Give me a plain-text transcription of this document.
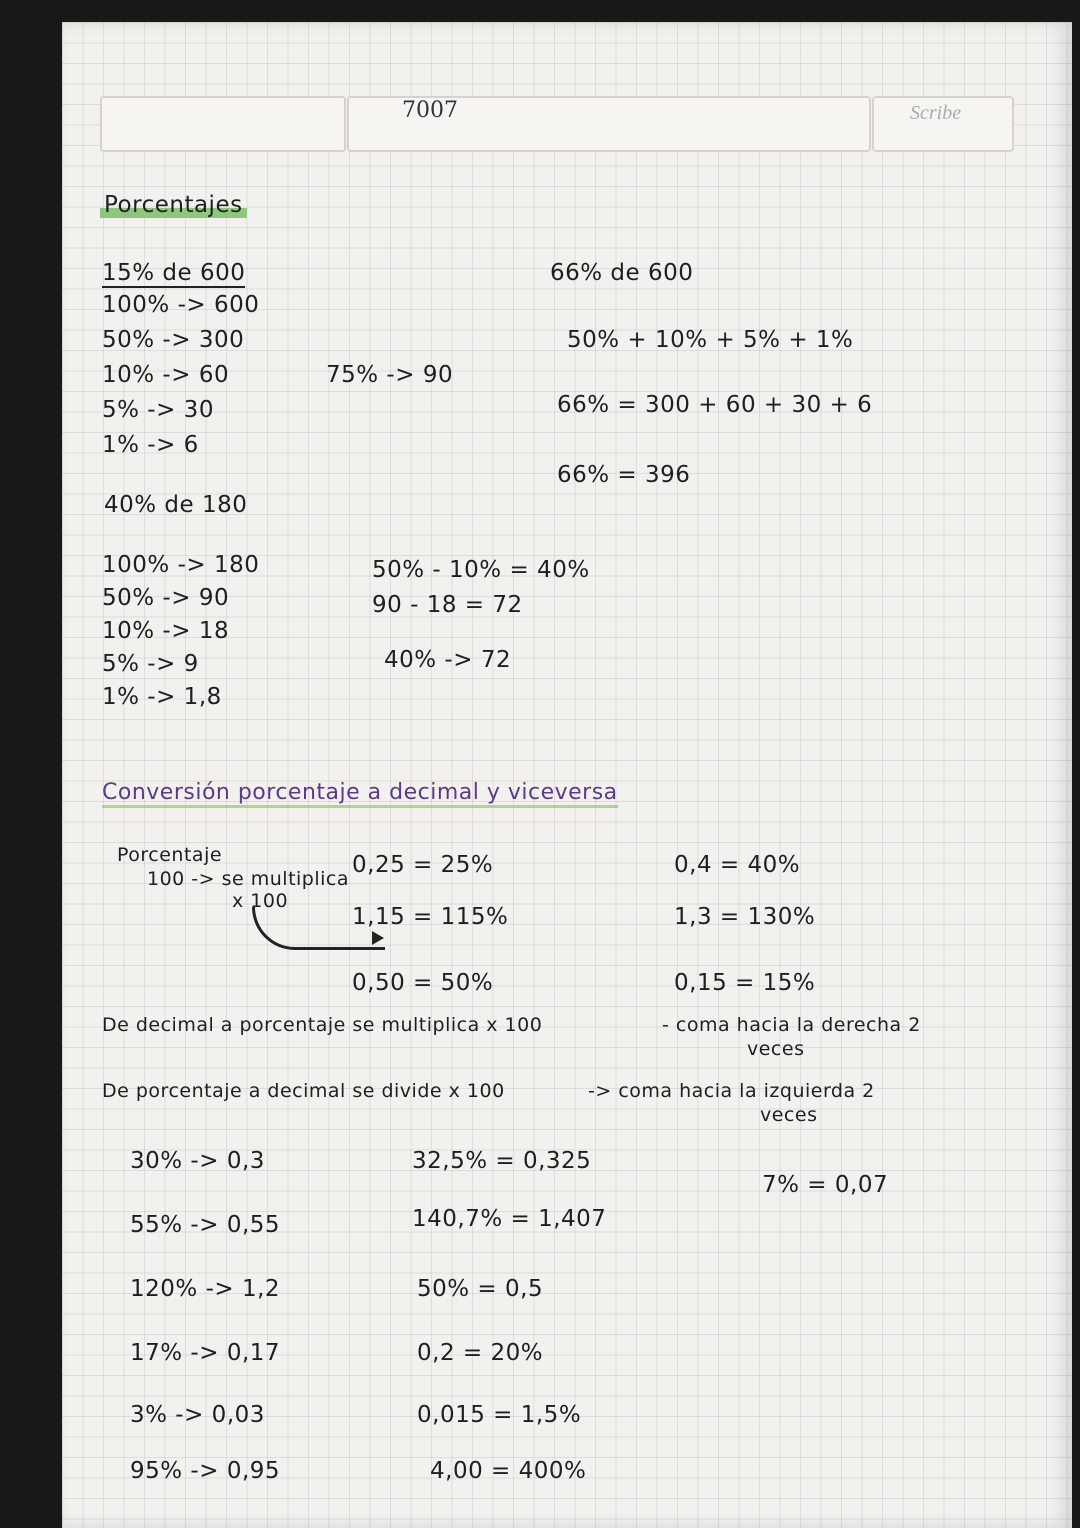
7007	Scribe
Porcentajes
15% de 600
100% -> 600
50% -> 300
10% -> 60
5% -> 30
1% -> 6
75% -> 90
66% de 600
50% + 10% + 5% + 1%
66% = 300 + 60 + 30 + 6
66% = 396
40% de 180
100% -> 180
50% -> 90
10% -> 18
5% -> 9
1% -> 1,8
50% - 10% = 40%
90 - 18 = 72
40% -> 72
Conversión porcentaje a decimal y viceversa
Porcentaje
100 -> se multiplica
x 100
0,25 = 25%
1,15 = 115%
0,4 = 40%
1,3 = 130%
0,50 = 50%	0,15 = 15%
De decimal a porcentaje se multiplica x 100	- coma hacia la derecha 2
veces
De porcentaje a decimal se divide x 100	-> coma hacia la izquierda 2
veces
30% -> 0,3
55% -> 0,55
120% -> 1,2
17% -> 0,17
3% -> 0,03
95% -> 0,95
32,5% = 0,325
140,7% = 1,407
50% = 0,5
0,2 = 20%
0,015 = 1,5%
4,00 = 400%
7% = 0,07
